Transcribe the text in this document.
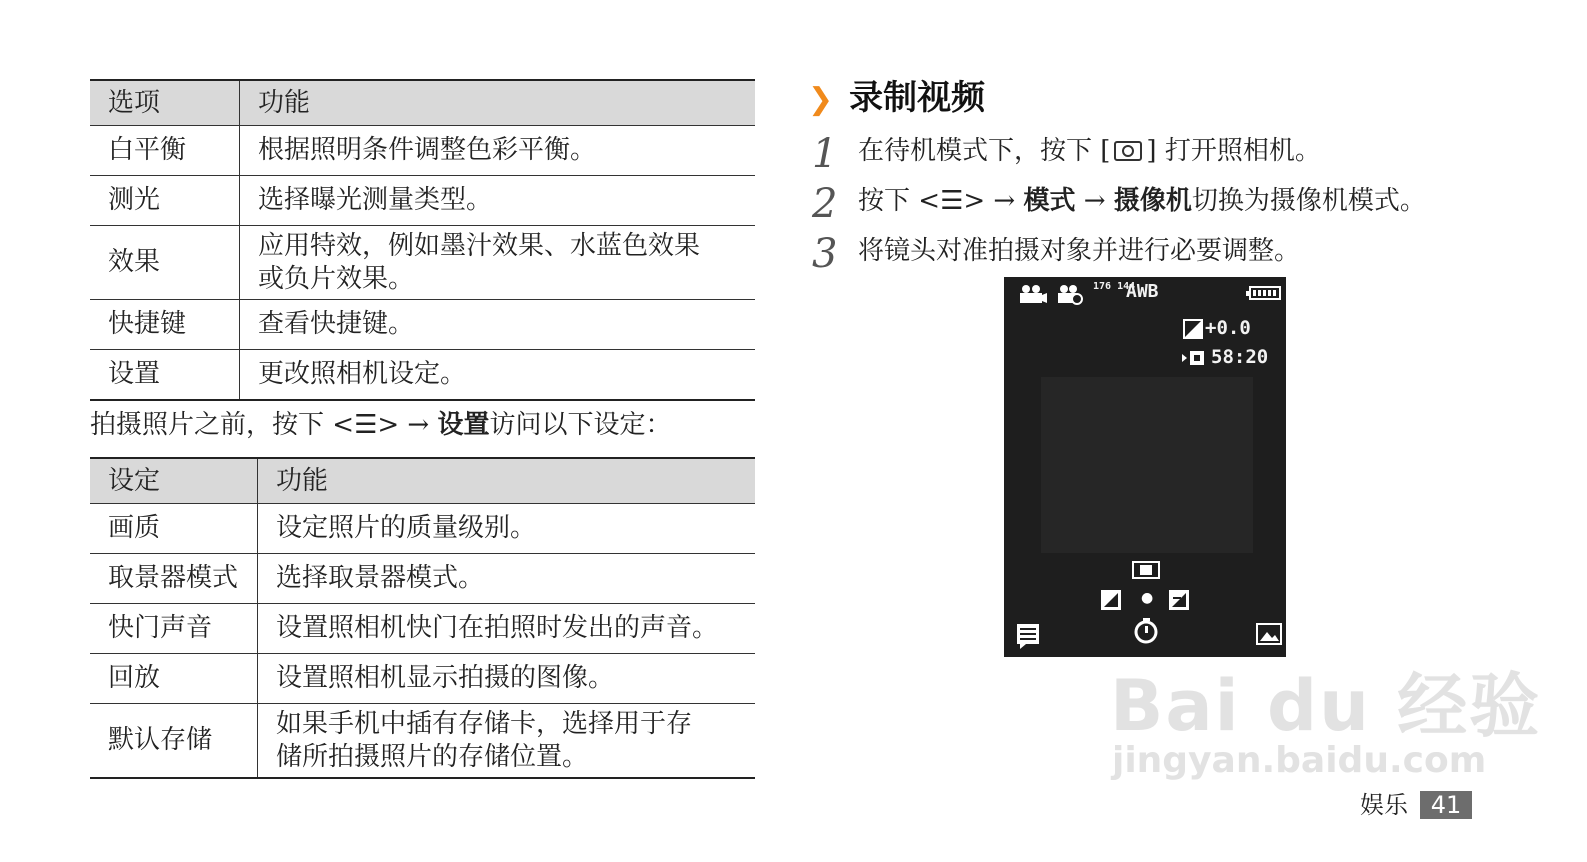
选项	功能
白平衡	根据照明条件调整色彩平衡。
测光	选择曝光测量类型。
效果	应用特效，例如墨汁效果、水蓝色效果
或负片效果。
快捷键	查看快捷键。
设置	更改照相机设定。
拍摄照片之前，按下 <☰> → 设置访问以下设定：
设定	功能
画质	设定照片的质量级别。
取景器模式	选择取景器模式。
快门声音	设置照相机快门在拍照时发出的声音。
回放	设置照相机显示拍摄的图像。
默认存储	如果手机中插有存储卡，选择用于存
储所拍摄照片的存储位置。
❯ 录制视频
1 在待机模式下，按下 [ ] 打开照相机。
2 按下 <☰> → 模式 → 摄像机切换为摄像机模式。
3 将镜头对准拍摄对象并进行必要调整。
176 144
AWB
+0.0
58:20
●
Bai du 经验
jingyan.baidu.com
娱乐 41
